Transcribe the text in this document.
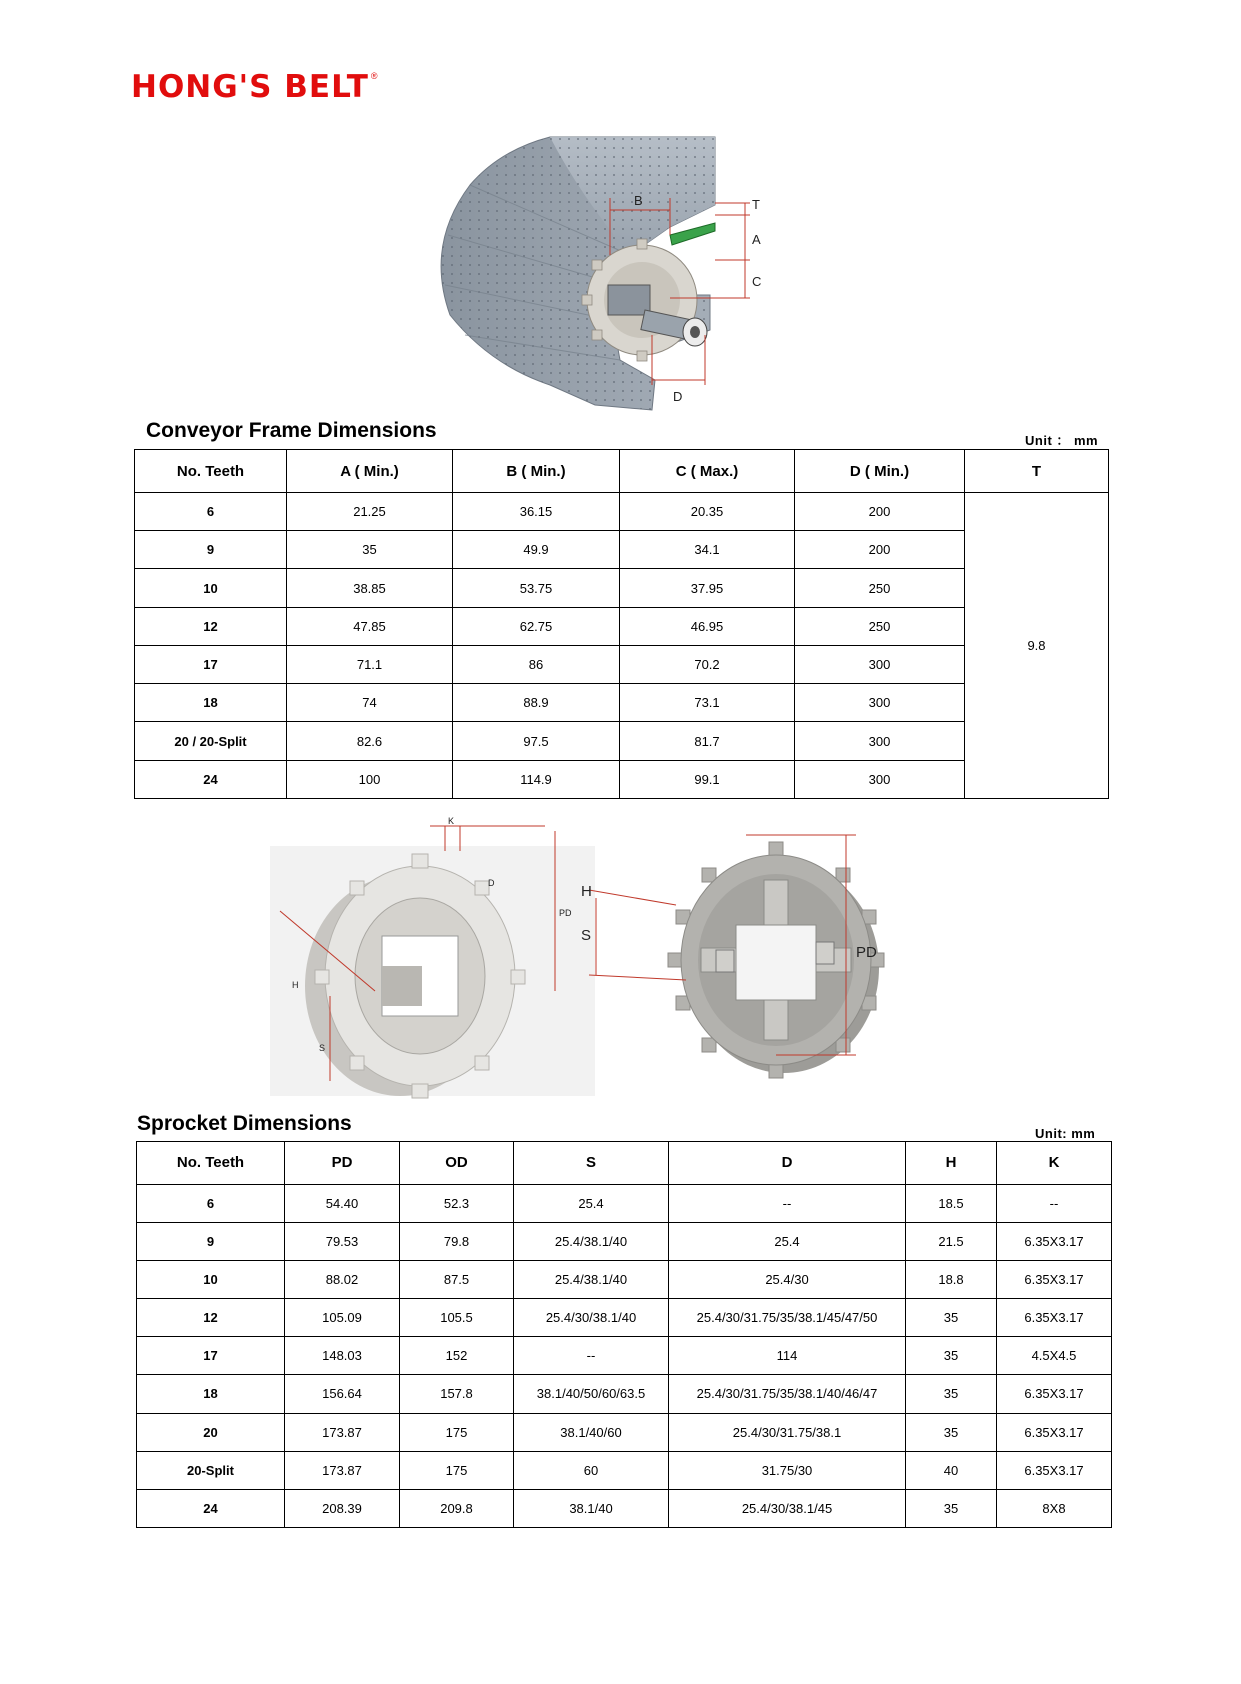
HONG'S BELT ®
B	T
A
C
D
Conveyor Frame Dimensions	Unit ： mm
No. Teeth	A ( Min.)	B ( Min.)	C ( Max.)	D ( Min.)	T
6	21.25	36.15	20.35	200	9.8
9	35	49.9	34.1	200	
10	38.85	53.75	37.95	250	
12	47.85	62.75	46.95	250	
17	71.1	86	70.2	300	
18	74	88.9	73.1	300	
20 / 20-Split	82.6	97.5	81.7	300	
24	100	114.9	99.1	300	
K
D
PD
H
S
H
S
PD
Sprocket Dimensions	Unit: mm
No. Teeth	PD	OD	S	D	H	K
6	54.40	52.3	25.4	--	18.5	--
9	79.53	79.8	25.4/38.1/40	25.4	21.5	6.35X3.17
10	88.02	87.5	25.4/38.1/40	25.4/30	18.8	6.35X3.17
12	105.09	105.5	25.4/30/38.1/40	25.4/30/31.75/35/38.1/45/47/50	35	6.35X3.17
17	148.03	152	--	114	35	4.5X4.5
18	156.64	157.8	38.1/40/50/60/63.5	25.4/30/31.75/35/38.1/40/46/47	35	6.35X3.17
20	173.87	175	38.1/40/60	25.4/30/31.75/38.1	35	6.35X3.17
20-Split	173.87	175	60	31.75/30	40	6.35X3.17
24	208.39	209.8	38.1/40	25.4/30/38.1/45	35	8X8
